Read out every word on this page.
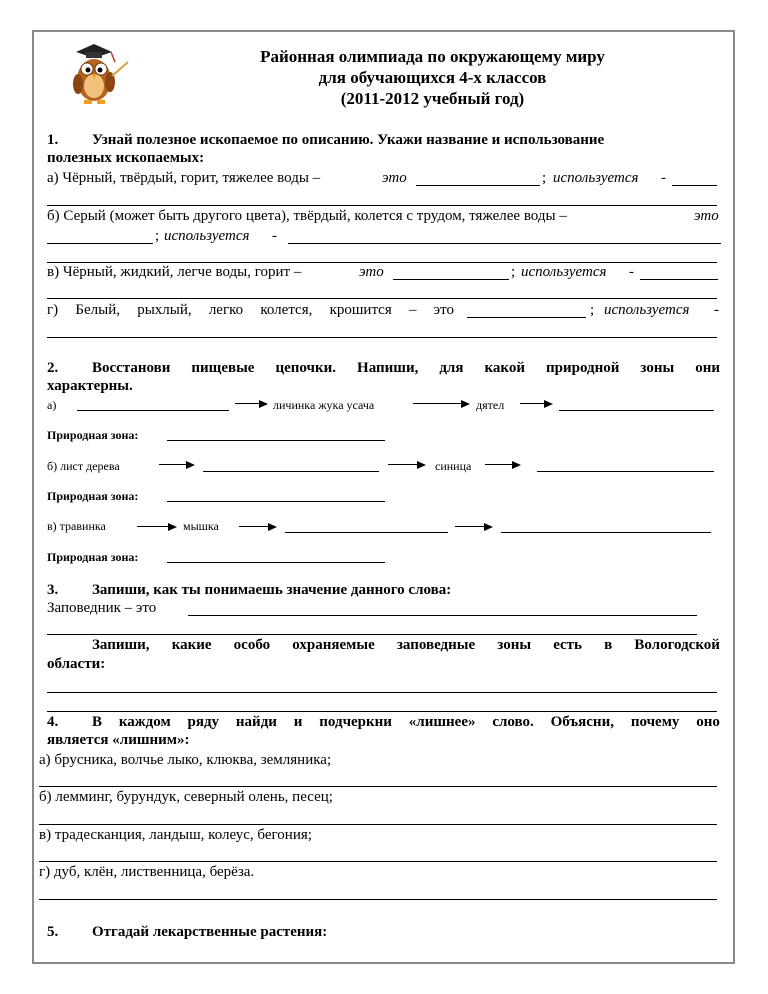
Районная олимпиада по окружающему миру
для обучающихся 4-х классов
(2011-2012 учебный год)
1. Узнай полезное ископаемое по описанию. Укажи название и использование
полезных ископаемых:
а) Чёрный, твёрдый, горит, тяжелее воды –	это	; используется -
б) Серый (может быть другого цвета), твёрдый, колется с трудом, тяжелее воды –	это
; используется -
в) Чёрный, жидкий, легче воды, горит –	это	; используется -
г) Белый, рыхлый, легко колется, крошится – это	; используется -
2. Восстанови пищевые цепочки. Напиши, для какой природной зоны они
характерны.
а)	личинка жука усача	дятел
Природная зона:
б) лист дерева	синица
Природная зона:
в) травинка	мышка
Природная зона:
3. Запиши, как ты понимаешь значение данного слова:
Заповедник – это
Запиши, какие особо охраняемые заповедные зоны есть в Вологодской
области:
4. В каждом ряду найди и подчеркни «лишнее» слово. Объясни, почему оно
является «лишним»:
а) брусника, волчье лыко, клюква, земляника;
б) лемминг, бурундук, северный олень, песец;
в) традесканция, ландыш, колеус, бегония;
г) дуб, клён, лиственница, берёза.
5. Отгадай лекарственные растения:
